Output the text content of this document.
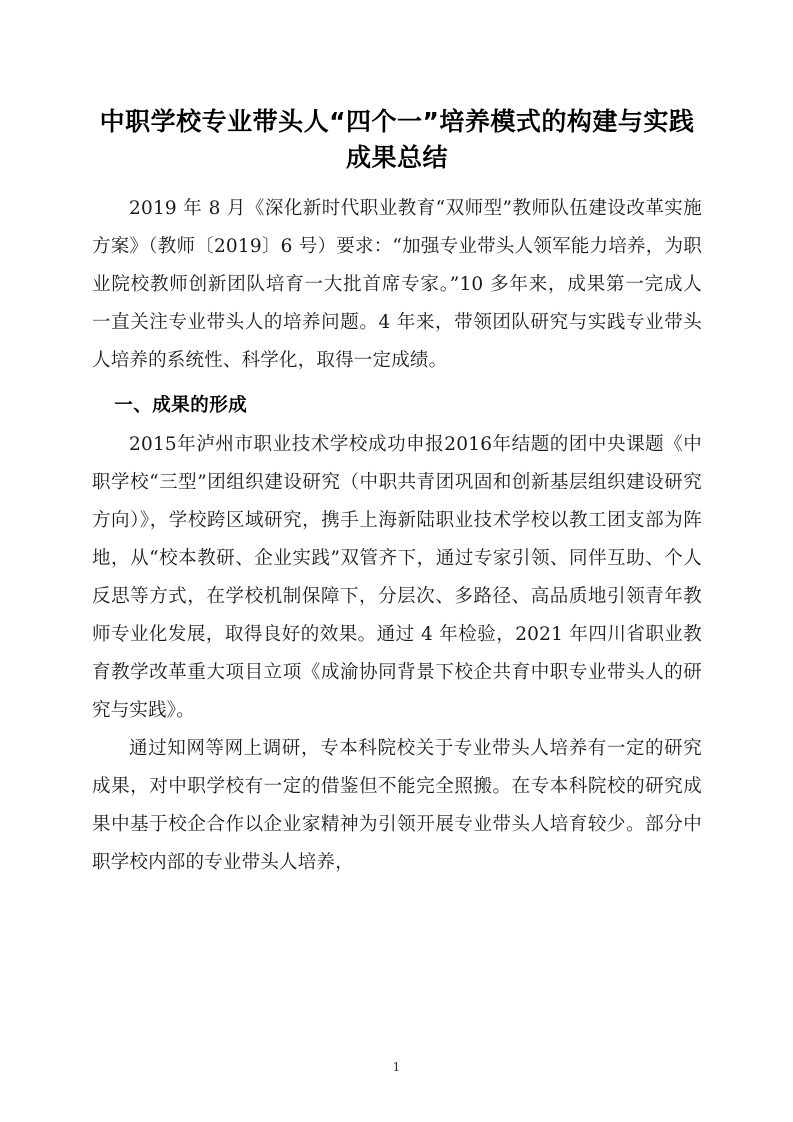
中职学校专业带头人“四个一”培养模式的构建与实践成果总结

2019 年 8 月《深化新时代职业教育“双师型”教师队伍建设改革实施方案》（教师〔2019〕6 号）要求：“加强专业带头人领军能力培养，为职业院校教师创新团队培育一大批首席专家。”10 多年来，成果第一完成人一直关注专业带头人的培养问题。4 年来，带领团队研究与实践专业带头人培养的系统性、科学化，取得一定成绩。

一、成果的形成

2015年泸州市职业技术学校成功申报2016年结题的团中央课题《中职学校“三型”团组织建设研究（中职共青团巩固和创新基层组织建设研究方向）》，学校跨区域研究，携手上海新陆职业技术学校以教工团支部为阵地，从“校本教研、企业实践”双管齐下，通过专家引领、同伴互助、个人反思等方式，在学校机制保障下，分层次、多路径、高品质地引领青年教师专业化发展，取得良好的效果。通过 4 年检验，2021 年四川省职业教育教学改革重大项目立项《成渝协同背景下校企共育中职专业带头人的研究与实践》。

通过知网等网上调研，专本科院校关于专业带头人培养有一定的研究成果，对中职学校有一定的借鉴但不能完全照搬。在专本科院校的研究成果中基于校企合作以企业家精神为引领开展专业带头人培育较少。部分中职学校内部的专业带头人培养，

1
